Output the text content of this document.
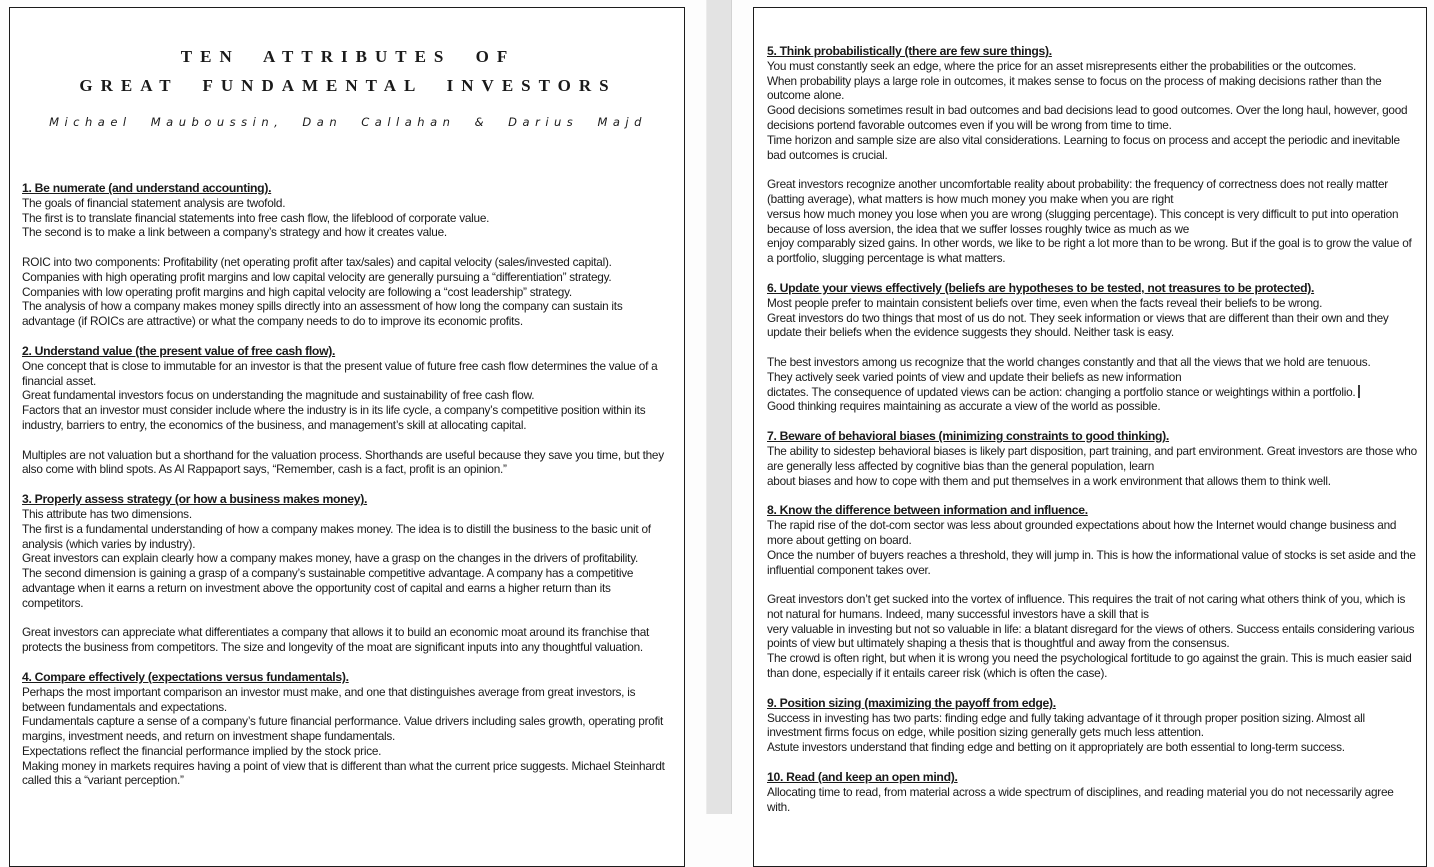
TEN ATTRIBUTES OF
GREAT FUNDAMENTAL INVESTORS
Michael Mauboussin, Dan Callahan & Darius Majd
1. Be numerate (and understand accounting).
The goals of financial statement analysis are twofold.
The first is to translate financial statements into free cash flow, the lifeblood of corporate value.
The second is to make a link between a company’s strategy and how it creates value.
ROIC into two components: Profitability (net operating profit after tax/sales) and capital velocity (sales/invested capital).
Companies with high operating profit margins and low capital velocity are generally pursuing a “differentiation” strategy.
Companies with low operating profit margins and high capital velocity are following a “cost leadership” strategy.
The analysis of how a company makes money spills directly into an assessment of how long the company can sustain its advantage (if ROICs are attractive) or what the company needs to do to improve its economic profits.
2. Understand value (the present value of free cash flow).
One concept that is close to immutable for an investor is that the present value of future free cash flow determines the value of a financial asset.
Great fundamental investors focus on understanding the magnitude and sustainability of free cash flow.
Factors that an investor must consider include where the industry is in its life cycle, a company’s competitive position within its industry, barriers to entry, the economics of the business, and management’s skill at allocating capital.
Multiples are not valuation but a shorthand for the valuation process. Shorthands are useful because they save you time, but they also come with blind spots. As Al Rappaport says, “Remember, cash is a fact, profit is an opinion.”
3. Properly assess strategy (or how a business makes money).
This attribute has two dimensions.
The first is a fundamental understanding of how a company makes money. The idea is to distill the business to the basic unit of analysis (which varies by industry).
Great investors can explain clearly how a company makes money, have a grasp on the changes in the drivers of profitability.
The second dimension is gaining a grasp of a company’s sustainable competitive advantage. A company has a competitive advantage when it earns a return on investment above the opportunity cost of capital and earns a higher return than its competitors.
Great investors can appreciate what differentiates a company that allows it to build an economic moat around its franchise that protects the business from competitors. The size and longevity of the moat are significant inputs into any thoughtful valuation.
4. Compare effectively (expectations versus fundamentals).
Perhaps the most important comparison an investor must make, and one that distinguishes average from great investors, is between fundamentals and expectations.
Fundamentals capture a sense of a company’s future financial performance. Value drivers including sales growth, operating profit margins, investment needs, and return on investment shape fundamentals.
Expectations reflect the financial performance implied by the stock price.
Making money in markets requires having a point of view that is different than what the current price suggests. Michael Steinhardt called this a “variant perception.”
5. Think probabilistically (there are few sure things).
You must constantly seek an edge, where the price for an asset misrepresents either the probabilities or the outcomes.
When probability plays a large role in outcomes, it makes sense to focus on the process of making decisions rather than the outcome alone.
Good decisions sometimes result in bad outcomes and bad decisions lead to good outcomes. Over the long haul, however, good decisions portend favorable outcomes even if you will be wrong from time to time.
Time horizon and sample size are also vital considerations. Learning to focus on process and accept the periodic and inevitable bad outcomes is crucial.
Great investors recognize another uncomfortable reality about probability: the frequency of correctness does not really matter (batting average), what matters is how much money you make when you are right
versus how much money you lose when you are wrong (slugging percentage). This concept is very difficult to put into operation because of loss aversion, the idea that we suffer losses roughly twice as much as we
enjoy comparably sized gains. In other words, we like to be right a lot more than to be wrong. But if the goal is to grow the value of a portfolio, slugging percentage is what matters.
6. Update your views effectively (beliefs are hypotheses to be tested, not treasures to be protected).
Most people prefer to maintain consistent beliefs over time, even when the facts reveal their beliefs to be wrong.
Great investors do two things that most of us do not. They seek information or views that are different than their own and they update their beliefs when the evidence suggests they should. Neither task is easy.
The best investors among us recognize that the world changes constantly and that all the views that we hold are tenuous.
They actively seek varied points of view and update their beliefs as new information
dictates. The consequence of updated views can be action: changing a portfolio stance or weightings within a portfolio.
Good thinking requires maintaining as accurate a view of the world as possible.
7. Beware of behavioral biases (minimizing constraints to good thinking).
The ability to sidestep behavioral biases is likely part disposition, part training, and part environment. Great investors are those who are generally less affected by cognitive bias than the general population, learn
about biases and how to cope with them and put themselves in a work environment that allows them to think well.
8. Know the difference between information and influence.
The rapid rise of the dot-com sector was less about grounded expectations about how the Internet would change business and more about getting on board.
Once the number of buyers reaches a threshold, they will jump in. This is how the informational value of stocks is set aside and the influential component takes over.
Great investors don’t get sucked into the vortex of influence. This requires the trait of not caring what others think of you, which is not natural for humans. Indeed, many successful investors have a skill that is
very valuable in investing but not so valuable in life: a blatant disregard for the views of others. Success entails considering various points of view but ultimately shaping a thesis that is thoughtful and away from the consensus.
The crowd is often right, but when it is wrong you need the psychological fortitude to go against the grain. This is much easier said than done, especially if it entails career risk (which is often the case).
9. Position sizing (maximizing the payoff from edge).
Success in investing has two parts: finding edge and fully taking advantage of it through proper position sizing. Almost all investment firms focus on edge, while position sizing generally gets much less attention.
Astute investors understand that finding edge and betting on it appropriately are both essential to long-term success.
10. Read (and keep an open mind).
Allocating time to read, from material across a wide spectrum of disciplines, and reading material you do not necessarily agree with.
